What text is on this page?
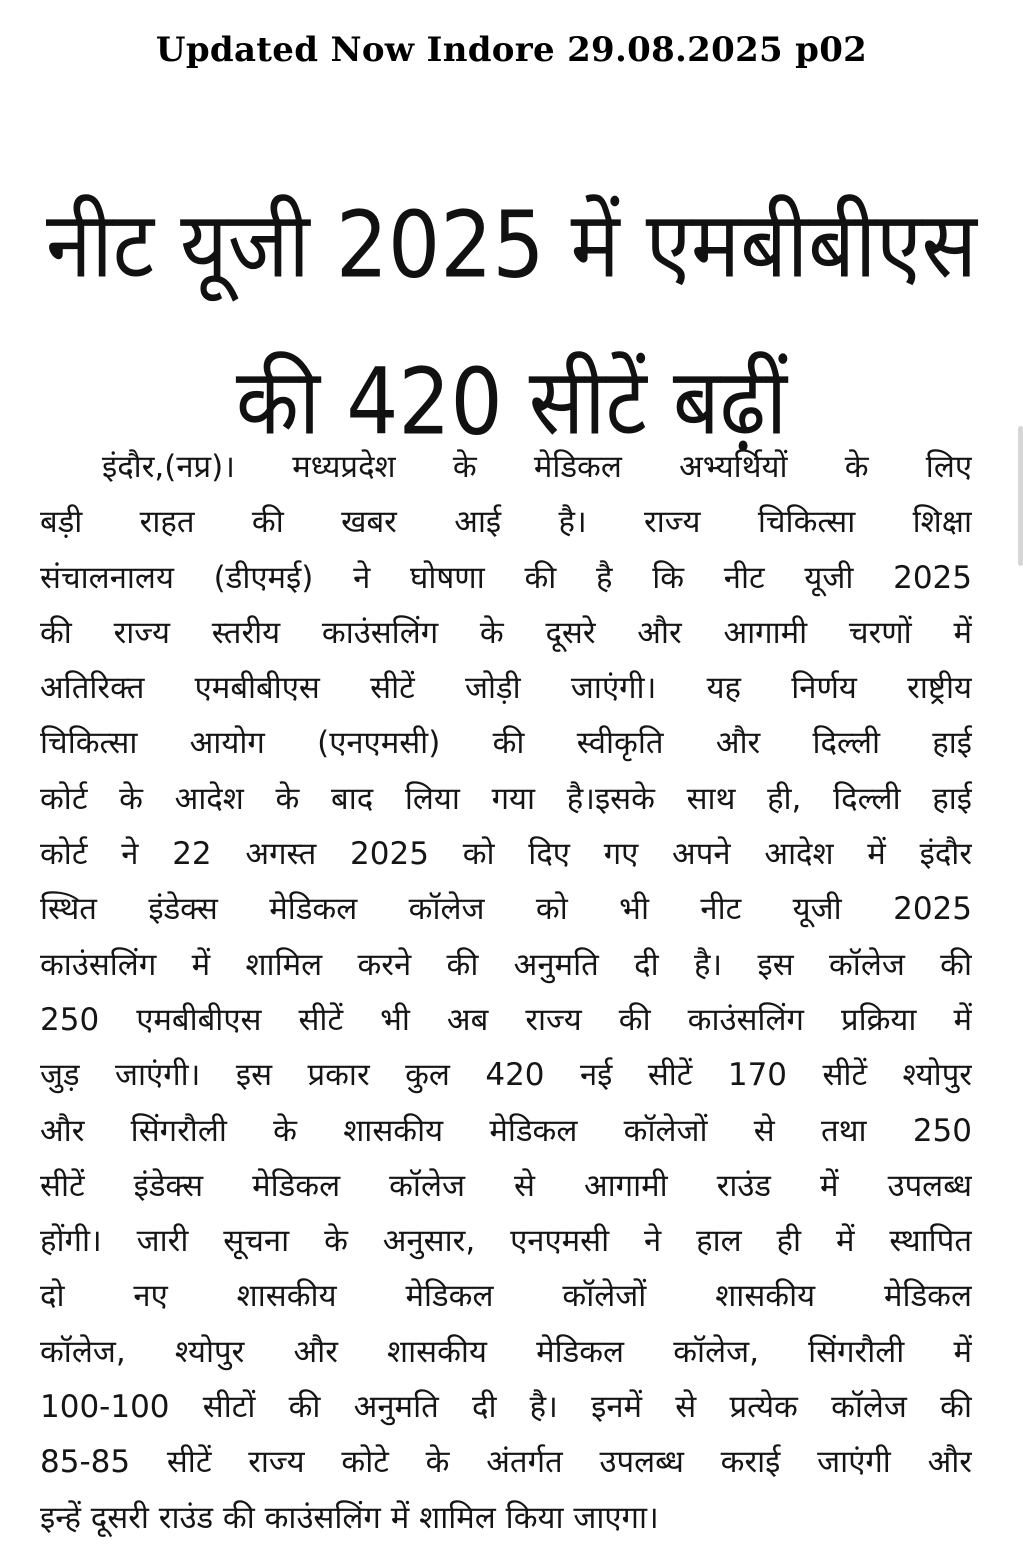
Updated Now Indore 29.08.2025 p02
नीट यूजी 2025 में एमबीबीएस
की 420 सीटें बढ़ीं
इंदौर,(नप्र)। मध्यप्रदेश के मेडिकल अभ्यर्थियों के लिए
बड़ी राहत की खबर आई है। राज्य चिकित्सा शिक्षा
संचालनालय (डीएमई) ने घोषणा की है कि नीट यूजी 2025
की राज्य स्तरीय काउंसलिंग के दूसरे और आगामी चरणों में
अतिरिक्त एमबीबीएस सीटें जोड़ी जाएंगी। यह निर्णय राष्ट्रीय
चिकित्सा आयोग (एनएमसी) की स्वीकृति और दिल्ली हाई
कोर्ट के आदेश के बाद लिया गया है।इसके साथ ही, दिल्ली हाई
कोर्ट ने 22 अगस्त 2025 को दिए गए अपने आदेश में इंदौर
स्थित इंडेक्स मेडिकल कॉलेज को भी नीट यूजी 2025
काउंसलिंग में शामिल करने की अनुमति दी है। इस कॉलेज की
250 एमबीबीएस सीटें भी अब राज्य की काउंसलिंग प्रक्रिया में
जुड़ जाएंगी। इस प्रकार कुल 420 नई सीटें 170 सीटें श्योपुर
और सिंगरौली के शासकीय मेडिकल कॉलेजों से तथा 250
सीटें इंडेक्स मेडिकल कॉलेज से आगामी राउंड में उपलब्ध
होंगी। जारी सूचना के अनुसार, एनएमसी ने हाल ही में स्थापित
दो नए शासकीय मेडिकल कॉलेजों शासकीय मेडिकल
कॉलेज, श्योपुर और शासकीय मेडिकल कॉलेज, सिंगरौली में
100-100 सीटों की अनुमति दी है। इनमें से प्रत्येक कॉलेज की
85-85 सीटें राज्य कोटे के अंतर्गत उपलब्ध कराई जाएंगी और
इन्हें दूसरी राउंड की काउंसलिंग में शामिल किया जाएगा।
